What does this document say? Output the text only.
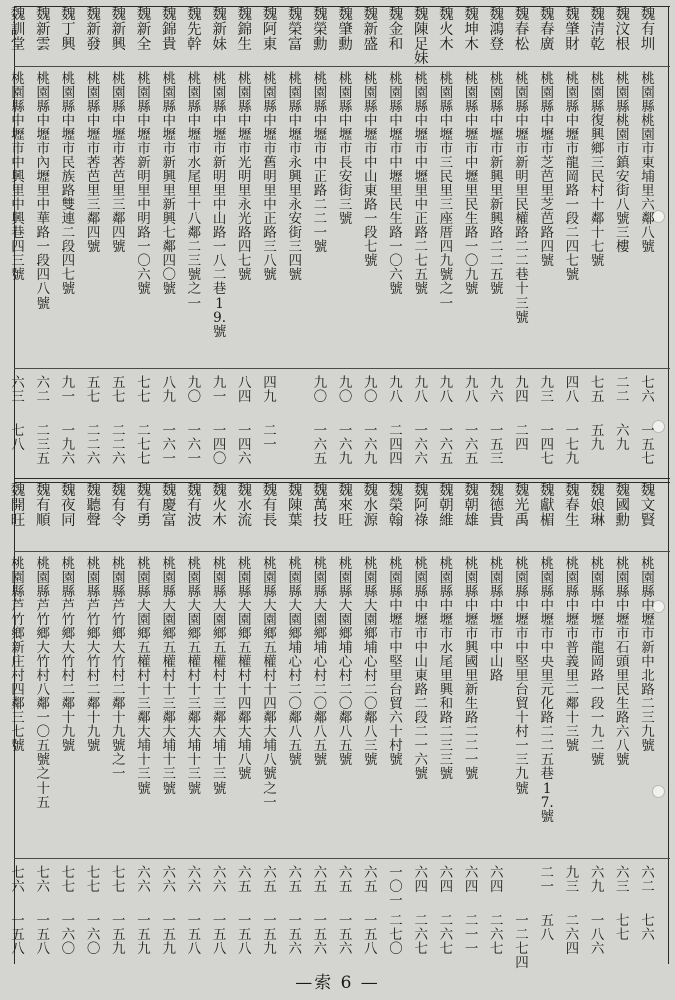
魏有圳
桃園縣桃園市東埔里六鄰八號
七六
一五七
魏汶根
桃園縣桃園市鎮安街八號三樓
二二
六九
魏清乾
桃園縣復興鄉三民村十鄰十七號
七五
五九
魏肇財
桃園縣中壢市龍岡路一段二四七號
四八
一七九
魏春廣
桃園縣中壢市芝芭里芝芭路四號
九三
一四七
魏春松
桃園縣中壢市新明里民權路二二巷十三號
九四
二四
魏鴻登
桃園縣中壢市新興里新興路二二五號
九六
一五三
魏坤木
桃園縣中壢市中壢里民生路一〇九號
九八
一六五
魏火木
桃園縣中壢市三民里三座厝四九號之一
九八
一六五
魏陳足妹
桃園縣中壢市中壢里中正路二七五號
九八
一六六
魏金和
桃園縣中壢市中壢里民生路一〇六號
九八
二四四
魏新盛
桃園縣中壢市中山東路一段七號
九〇
一六九
魏肇勳
桃園縣中壢市長安街三號
九〇
一六九
魏榮勳
桃園縣中壢市中正路二二一號
九〇
一六五
魏榮富
桃園縣中壢市永興里永安街三四號
魏阿東
桃園縣中壢市舊明里中正路三八號
四九
二一
魏錦生
桃園縣中壢市光明里永光路四七號
八四
一四六
魏新妹
桃園縣中壢市新明里中山路一八二巷19.號
九一
一四〇
魏先幹
桃園縣中壢市水尾里十八鄰二三號之一
九〇
一六一
魏錦貴
桃園縣中壢市新興里新興七鄰四〇號
八九
一六一
魏新全
桃園縣中壢市新明里中明路一〇六號
七七
二七七
魏新興
桃園縣中壢市莕芭里三鄰四號
五七
二二六
魏新發
桃園縣中壢市莕芭里三鄰四號
五七
二二六
魏丁興
桃園縣中壢市民族路雙連二段四七號
九一
一九六
魏新雲
桃園縣中壢市內壢里中華路一段四八號
六二
二三五
魏訓堂
桃園縣中壢市中興里中興巷四三號
六三
七八
魏文賢
桃園縣中壢市新中北路二三九號
六二
七六
魏國勳
桃園縣中壢市石頭里民生路六八號
六三
七七
魏娘琳
桃園縣中壢市龍岡路一段一九二號
六九
一八六
魏春生
桃園縣中壢市普義里二鄰十三號
九三
二六四
魏獻楣
桃園縣中壢市中央里元化路二二五巷17.號
二一
五八
魏光禹
桃園縣中壢市中堅里台貿十村一三九號
一二七四
魏德貴
桃園縣中壢市中山路
六四
二六七
魏朝雄
桃園縣中壢市興國里新生路二二一號
六四
二一一
魏朝維
桃園縣中壢市水尾里興和路二三三號
六四
二六七
魏阿祿
桃園縣中壢市中山東路二段二一六號
六四
二六七
魏榮翰
桃園縣中壢市中堅里台貿六十村號
一〇一
二七〇
魏水源
桃園縣大園鄉埔心村二〇鄰八三號
六五
一五八
魏來旺
桃園縣大園鄉埔心村二〇鄰八五號
六五
一五六
魏萬技
桃園縣大園鄉埔心村二〇鄰八五號
六五
一五六
魏陳葉
桃園縣大園鄉埔心村二〇鄰八五號
六五
一五六
魏有長
桃園縣大園鄉五權村十四鄰大埔八號之一
六五
一五九
魏水流
桃園縣大園鄉五權村十四鄰大埔八號
六五
一五八
魏火木
桃園縣大園鄉五權村十三鄰大埔十三號
六六
一五八
魏有波
桃園縣大園鄉五權村十三鄰大埔十三號
六六
一五八
魏慶富
桃園縣大園鄉五權村十三鄰大埔十三號
六六
一五九
魏有勇
桃園縣大園鄉五權村十三鄰大埔十三號
六六
一五九
魏有令
桃園縣芦竹鄉大竹村二鄰十九號之一
七七
一五九
魏聽聲
桃園縣芦竹鄉大竹村二鄰十九號
七七
一六〇
魏夜同
桃園縣芦竹鄉大竹村二鄰十九號
七七
一六〇
魏有順
桃園縣芦竹鄉大竹村八鄰一〇五號之十五
七六
一五八
魏開旺
桃園縣芦竹鄉新庄村四鄰三七號
七六
一五八
—索 6 —
